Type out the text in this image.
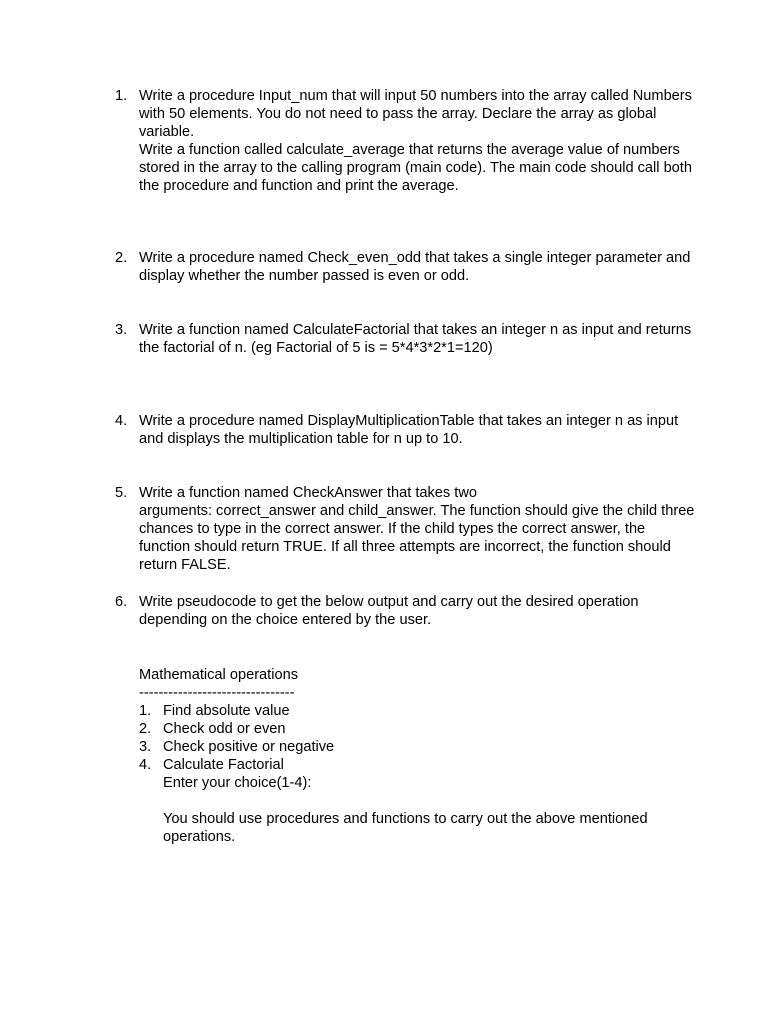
1. Write a procedure Input_num that will input 50 numbers into the array called Numbers with 50 elements. You do not need to pass the array. Declare the array as global variable.

Write a function called calculate_average that returns the average value of numbers stored in the array to the calling program (main code). The main code should call both the procedure and function and print the average.

2. Write a procedure named Check_even_odd that takes a single integer parameter and display whether the number passed is even or odd.

3. Write a function named CalculateFactorial that takes an integer n as input and returns the factorial of n. (eg Factorial of 5 is = 5*4*3*2*1=120)

4. Write a procedure named DisplayMultiplicationTable that takes an integer n as input and displays the multiplication table for n up to 10.

5. Write a function named CheckAnswer that takes two

arguments: correct_answer and child_answer. The function should give the child three chances to type in the correct answer. If the child types the correct answer, the function should return TRUE. If all three attempts are incorrect, the function should return FALSE.

6. Write pseudocode to get the below output and carry out the desired operation depending on the choice entered by the user.

Mathematical operations

--------------------------------

1. Find absolute value
2. Check odd or even
3. Check positive or negative
4. Calculate Factorial

Enter your choice(1-4):

You should use procedures and functions to carry out the above mentioned operations.
